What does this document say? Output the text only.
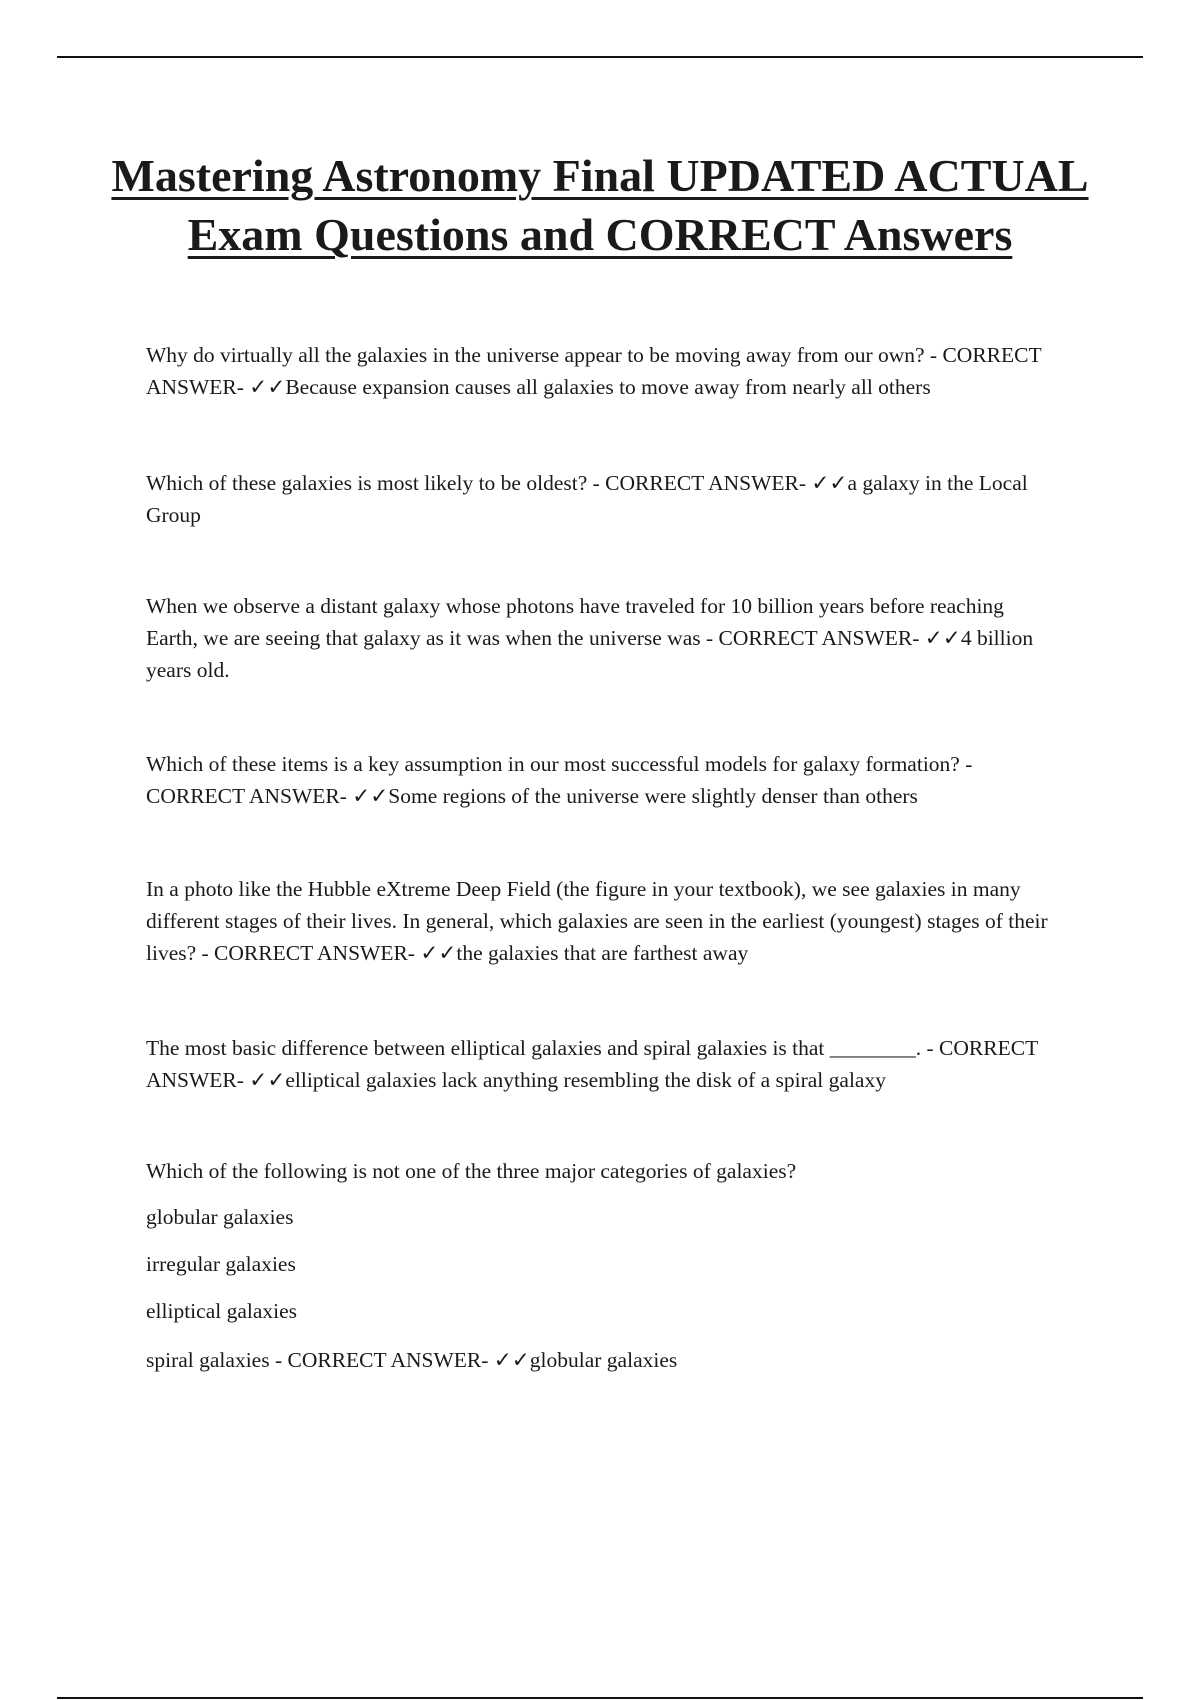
Mastering Astronomy Final UPDATED ACTUAL Exam Questions and CORRECT Answers

Why do virtually all the galaxies in the universe appear to be moving away from our own? - CORRECT ANSWER- ✓✓Because expansion causes all galaxies to move away from nearly all others

Which of these galaxies is most likely to be oldest? - CORRECT ANSWER- ✓✓a galaxy in the Local Group

When we observe a distant galaxy whose photons have traveled for 10 billion years before reaching Earth, we are seeing that galaxy as it was when the universe was - CORRECT ANSWER- ✓✓4 billion years old.

Which of these items is a key assumption in our most successful models for galaxy formation? - CORRECT ANSWER- ✓✓Some regions of the universe were slightly denser than others

In a photo like the Hubble eXtreme Deep Field (the figure in your textbook), we see galaxies in many different stages of their lives. In general, which galaxies are seen in the earliest (youngest) stages of their lives? - CORRECT ANSWER- ✓✓the galaxies that are farthest away

The most basic difference between elliptical galaxies and spiral galaxies is that ________. - CORRECT ANSWER- ✓✓elliptical galaxies lack anything resembling the disk of a spiral galaxy

Which of the following is not one of the three major categories of galaxies?

globular galaxies

irregular galaxies

elliptical galaxies

spiral galaxies - CORRECT ANSWER- ✓✓globular galaxies
